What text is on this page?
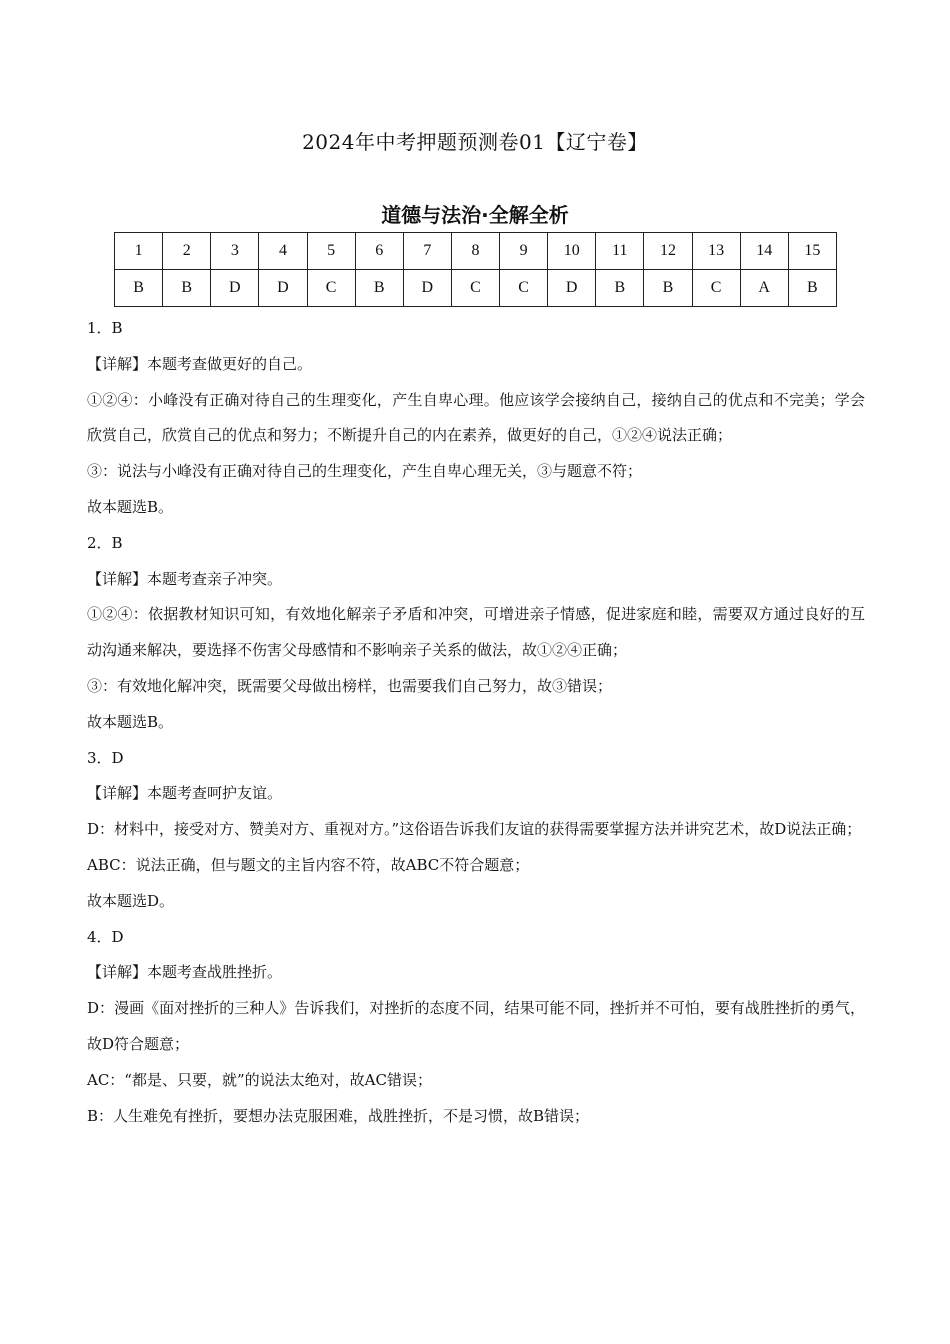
2024年中考押题预测卷01【辽宁卷】
道德与法治·全解全析
1	2	3	4	5	6	7	8	9	10	11	12	13	14	15
B	B	D	D	C	B	D	C	C	D	B	B	C	A	B
1．B
【详解】本题考查做更好的自己。
①②④：小峰没有正确对待自己的生理变化，产生自卑心理。他应该学会接纳自己，接纳自己的优点和不完美；学会欣赏自己，欣赏自己的优点和努力；不断提升自己的内在素养，做更好的自己，①②④说法正确；
③：说法与小峰没有正确对待自己的生理变化，产生自卑心理无关，③与题意不符；
故本题选B。
2．B
【详解】本题考查亲子冲突。
①②④：依据教材知识可知，有效地化解亲子矛盾和冲突，可增进亲子情感，促进家庭和睦，需要双方通过良好的互动沟通来解决，要选择不伤害父母感情和不影响亲子关系的做法，故①②④正确；
③：有效地化解冲突，既需要父母做出榜样，也需要我们自己努力，故③错误；
故本题选B。
3．D
【详解】本题考查呵护友谊。
D：材料中，接受对方、赞美对方、重视对方。”这俗语告诉我们友谊的获得需要掌握方法并讲究艺术，故D说法正确；
ABC：说法正确，但与题文的主旨内容不符，故ABC不符合题意；
故本题选D。
4．D
【详解】本题考查战胜挫折。
D：漫画《面对挫折的三种人》告诉我们，对挫折的态度不同，结果可能不同，挫折并不可怕，要有战胜挫折的勇气，故D符合题意；
AC：“都是、只要，就”的说法太绝对，故AC错误；
B：人生难免有挫折，要想办法克服困难，战胜挫折，不是习惯，故B错误；
